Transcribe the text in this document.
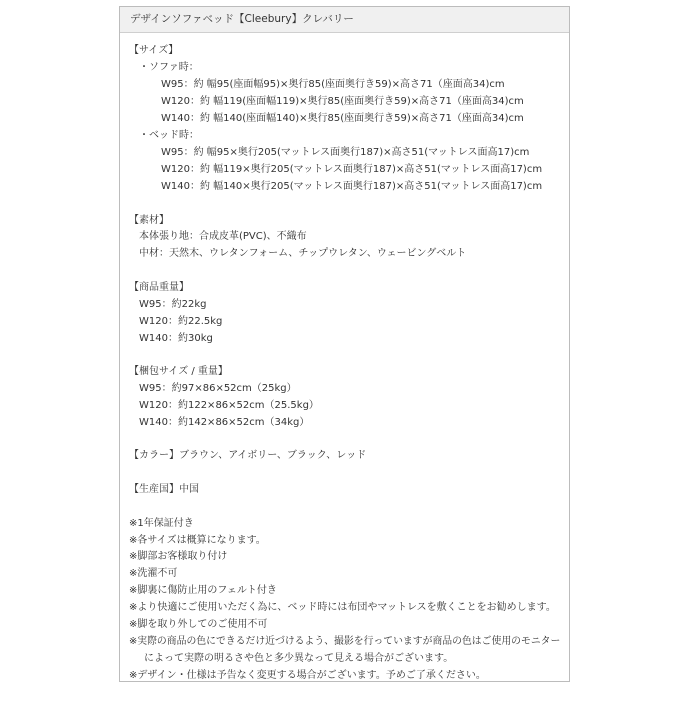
デザインソファベッド【Cleebury】クレバリー
【サイズ】
・ソファ時：
W95：約 幅95(座面幅95)×奥行85(座面奥行き59)×高さ71（座面高34)cm
W120：約 幅119(座面幅119)×奥行85(座面奥行き59)×高さ71（座面高34)cm
W140：約 幅140(座面幅140)×奥行85(座面奥行き59)×高さ71（座面高34)cm
・ベッド時：
W95：約 幅95×奥行205(マットレス面奥行187)×高さ51(マットレス面高17)cm
W120：約 幅119×奥行205(マットレス面奥行187)×高さ51(マットレス面高17)cm
W140：約 幅140×奥行205(マットレス面奥行187)×高さ51(マットレス面高17)cm
【素材】
本体張り地：合成皮革(PVC)、不織布
中材：天然木、ウレタンフォーム、チップウレタン、ウェービングベルト
【商品重量】
W95：約22kg
W120：約22.5kg
W140：約30kg
【梱包サイズ / 重量】
W95：約97×86×52cm（25kg）
W120：約122×86×52cm（25.5kg）
W140：約142×86×52cm（34kg）
【カラー】ブラウン、アイボリー、ブラック、レッド
【生産国】中国
※1年保証付き
※各サイズは概算になります。
※脚部お客様取り付け
※洗濯不可
※脚裏に傷防止用のフェルト付き
※より快適にご使用いただく為に、ベッド時には布団やマットレスを敷くことをお勧めします。
※脚を取り外してのご使用不可
※実際の商品の色にできるだけ近づけるよう、撮影を行っていますが商品の色はご使用のモニター
によって実際の明るさや色と多少異なって見える場合がございます。
※デザイン・仕様は予告なく変更する場合がございます。予めご了承ください。
